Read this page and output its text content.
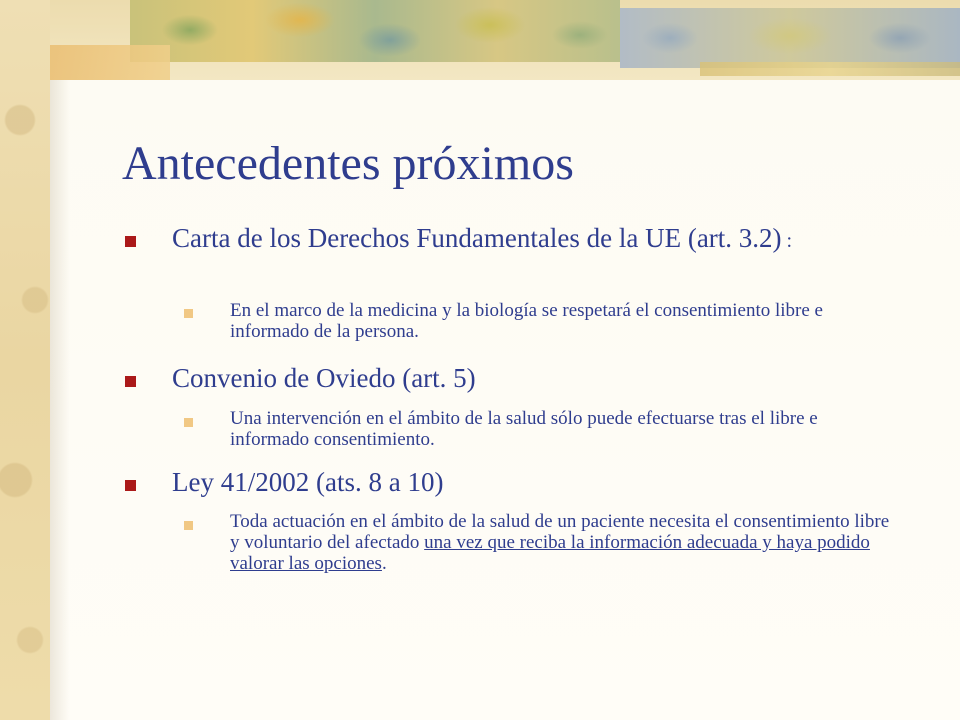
Antecedentes próximos

Carta de los Derechos Fundamentales de la UE (art. 3.2) :

En el marco de la medicina y la biología se respetará el consentimiento libre e informado de la persona.

Convenio de Oviedo (art. 5)

Una intervención en el ámbito de la salud sólo puede efectuarse tras el libre e informado consentimiento.

Ley 41/2002 (ats. 8 a 10)

Toda actuación en el ámbito de la salud de un paciente necesita el consentimiento libre y voluntario del afectado una vez que reciba la información adecuada y haya podido valorar las opciones.
